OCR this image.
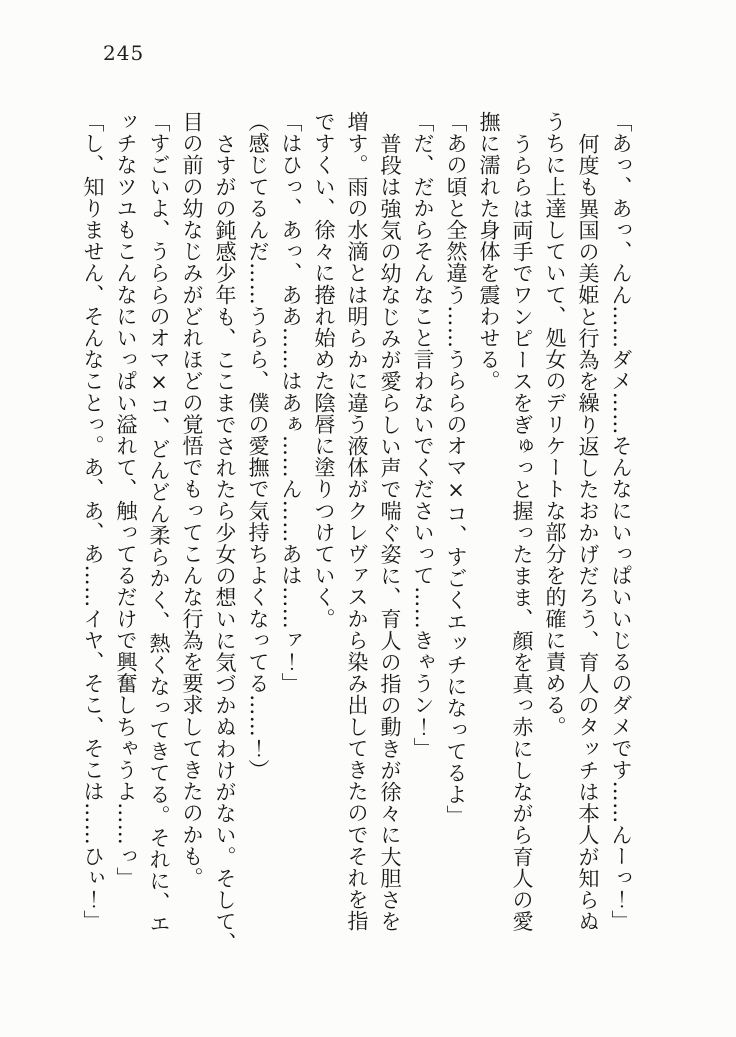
245
「あっ、あっ、んん……ダメ……そんなにいっぱいいじるのダメです……んーっ！」
何度も異国の美姫と行為を繰り返したおかげだろう、育人のタッチは本人が知らぬ
うちに上達していて、処女のデリケートな部分を的確に責める。
うららは両手でワンピースをぎゅっと握ったまま、顔を真っ赤にしながら育人の愛
撫に濡れた身体を震わせる。
「あの頃と全然違う……うららのオマ×コ、すごくエッチになってるよ」
「だ、だからそんなこと言わないでくださいって……きゃうン！」
普段は強気の幼なじみが愛らしい声で喘ぐ姿に、育人の指の動きが徐々に大胆さを
増す。雨の水滴とは明らかに違う液体がクレヴァスから染み出してきたのでそれを指
ですくい、徐々に捲れ始めた陰唇に塗りつけていく。
「はひっ、あっ、ああ……はあぁ……ん……あは……ァ！」
（感じてるんだ……うらら、僕の愛撫で気持ちよくなってる……！）
さすがの鈍感少年も、ここまでされたら少女の想いに気づかぬわけがない。そして、
目の前の幼なじみがどれほどの覚悟でもってこんな行為を要求してきたのかも。
「すごいよ、うららのオマ×コ、どんどん柔らかく、熱くなってきてる。それに、エ
ッチなツユもこんなにいっぱい溢れて、触ってるだけで興奮しちゃうよ……っ」
「し、知りません、そんなことっ。あ、あ、あ……イヤ、そこ、そこは……ひぃ！」
